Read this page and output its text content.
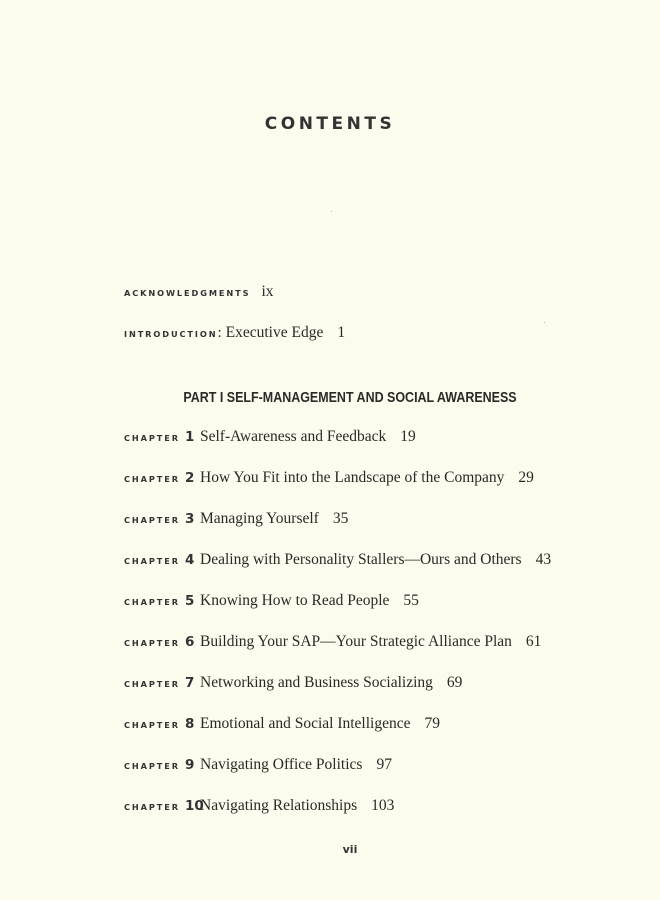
CONTENTS
ACKNOWLEDGMENTS ix
INTRODUCTION : Executive Edge 1
PART I SELF-MANAGEMENT AND SOCIAL AWARENESS
CHAPTER 1 Self-Awareness and Feedback 19
CHAPTER 2 How You Fit into the Landscape of the Company 29
CHAPTER 3 Managing Yourself 35
CHAPTER 4 Dealing with Personality Stallers—Ours and Others 43
CHAPTER 5 Knowing How to Read People 55
CHAPTER 6 Building Your SAP—Your Strategic Alliance Plan 61
CHAPTER 7 Networking and Business Socializing 69
CHAPTER 8 Emotional and Social Intelligence 79
CHAPTER 9 Navigating Office Politics 97
CHAPTER 10
Navigating Relationships 103
vii
